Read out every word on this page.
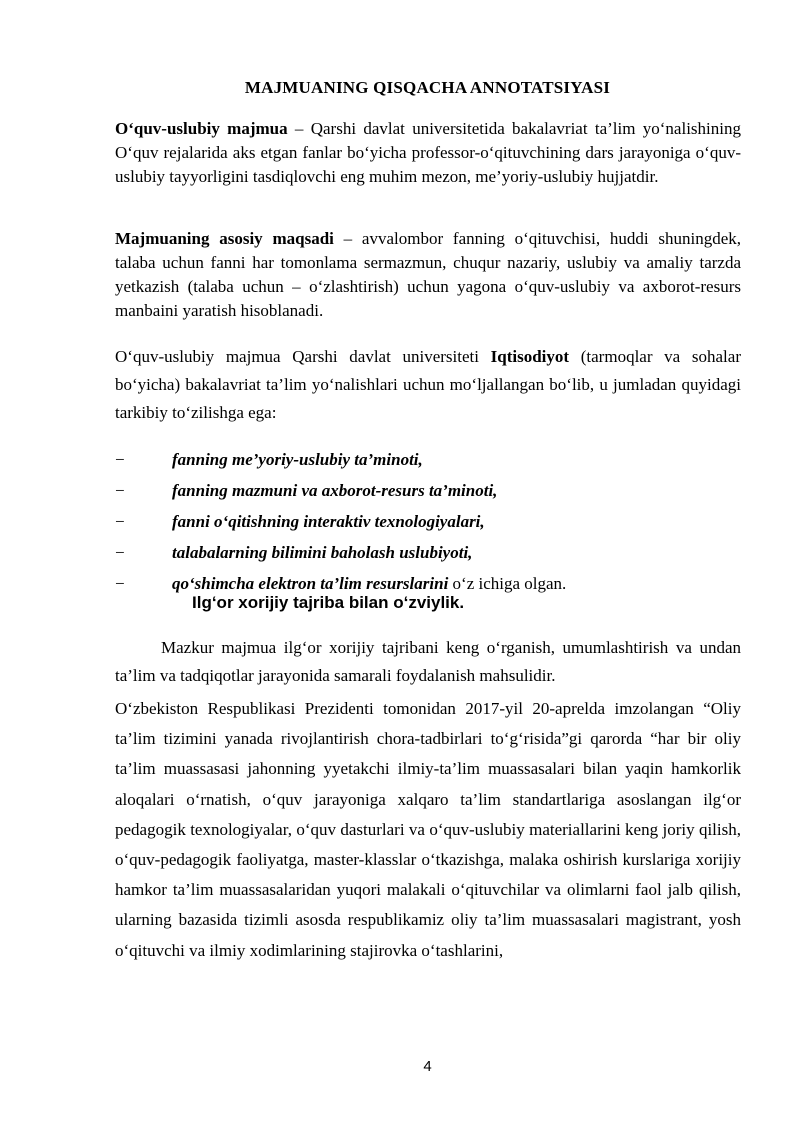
MAJMUANING QISQACHA ANNOTATSIYASI
O‘quv-uslubiy majmua – Qarshi davlat universitetida bakalavriat ta’lim yo‘nalishining O‘quv rejalarida aks etgan fanlar bo‘yicha professor-o‘qituvchining dars jarayoniga o‘quv-uslubiy tayyorligini tasdiqlovchi eng muhim mezon, me’yoriy-uslubiy hujjatdir.
Majmuaning asosiy maqsadi – avvalombor fanning o‘qituvchisi, huddi shuningdek, talaba uchun fanni har tomonlama sermazmun, chuqur nazariy, uslubiy va amaliy tarzda yetkazish (talaba uchun – o‘zlashtirish) uchun yagona o‘quv-uslubiy va axborot-resurs manbaini yaratish hisoblanadi.
O‘quv-uslubiy majmua Qarshi davlat universiteti Iqtisodiyot (tarmoqlar va sohalar bo‘yicha) bakalavriat ta’lim yo‘nalishlari uchun mo‘ljallangan bo‘lib, u jumladan quyidagi tarkibiy to‘zilishga ega:
−	fanning me’yoriy-uslubiy ta’minoti,
−	fanning mazmuni va axborot-resurs ta’minoti,
−	fanni o‘qitishning interaktiv texnologiyalari,
−	talabalarning bilimini baholash uslubiyoti,
−	qo‘shimcha elektron ta’lim resurslarini o‘z ichiga olgan.
Ilg‘or xorijiy tajriba bilan o‘zviylik.
Mazkur majmua ilg‘or xorijiy tajribani keng o‘rganish, umumlashtirish va undan ta’lim va tadqiqotlar jarayonida samarali foydalanish mahsulidir.
O‘zbekiston Respublikasi Prezidenti tomonidan 2017-yil 20-aprelda imzolangan “Oliy ta’lim tizimini yanada rivojlantirish chora-tadbirlari to‘g‘risida”gi qarorda “har bir oliy ta’lim muassasasi jahonning yyetakchi ilmiy-ta’lim muassasalari bilan yaqin hamkorlik aloqalari o‘rnatish, o‘quv jarayoniga xalqaro ta’lim standartlariga asoslangan ilg‘or pedagogik texnologiyalar, o‘quv dasturlari va o‘quv-uslubiy materiallarini keng joriy qilish, o‘quv-pedagogik faoliyatga, master-klasslar o‘tkazishga, malaka oshirish kurslariga xorijiy hamkor ta’lim muassasalaridan yuqori malakali o‘qituvchilar va olimlarni faol jalb qilish, ularning bazasida tizimli asosda respublikamiz oliy ta’lim muassasalari magistrant, yosh o‘qituvchi va ilmiy xodimlarining stajirovka o‘tashlarini,
4
